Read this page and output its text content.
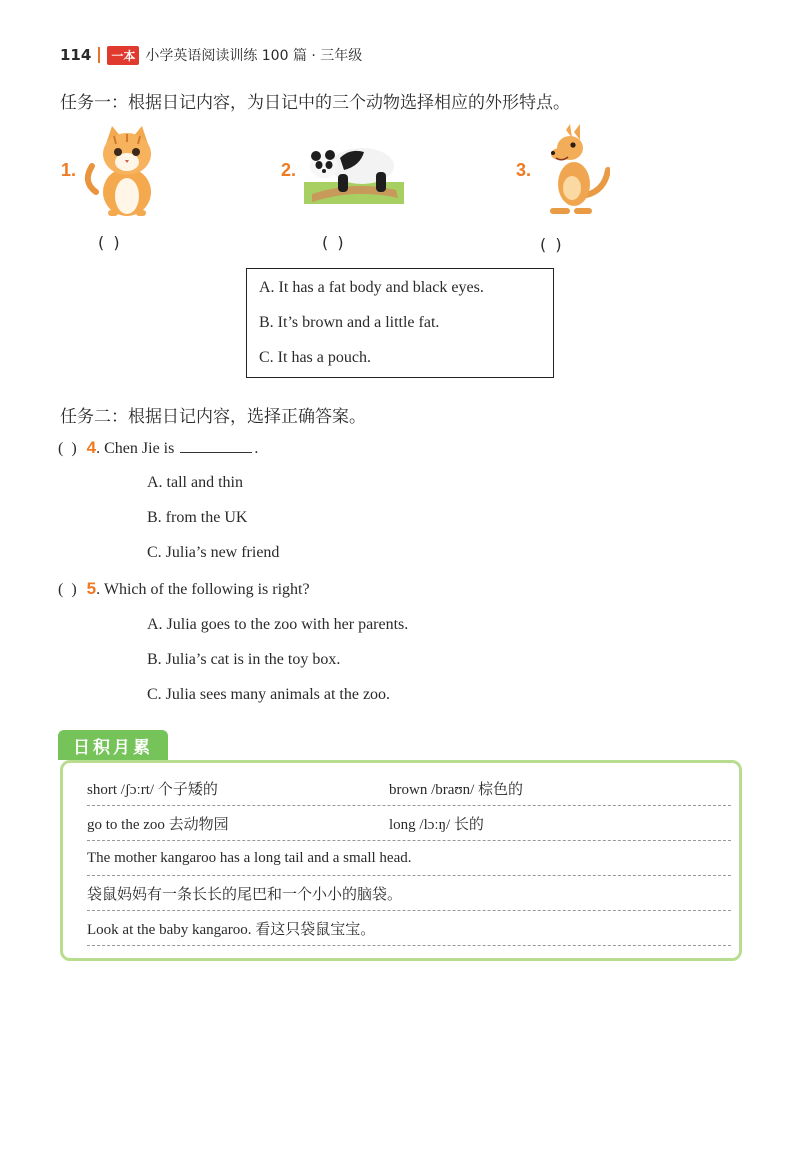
114	一本 小学英语阅读训练 100 篇 · 三年级
任务一：根据日记内容，为日记中的三个动物选择相应的外形特点。
1.
( )
2.
( )
3.
( )
A. It has a fat body and black eyes.
B. It’s brown and a little fat.
C. It has a pouch.
任务二：根据日记内容，选择正确答案。
( ) 4. Chen Jie is	.
A. tall and thin
B. from the UK
C. Julia’s new friend
( ) 5. Which of the following is right?
A. Julia goes to the zoo with her parents.
B. Julia’s cat is in the toy box.
C. Julia sees many animals at the zoo.
short /ʃɔːrt/ 个子矮的	brown /braʊn/ 棕色的
go to the zoo 去动物园	long /lɔːŋ/ 长的
The mother kangaroo has a long tail and a small head.
袋鼠妈妈有一条长长的尾巴和一个小小的脑袋。
Look at the baby kangaroo. 看这只袋鼠宝宝。
日积月累
